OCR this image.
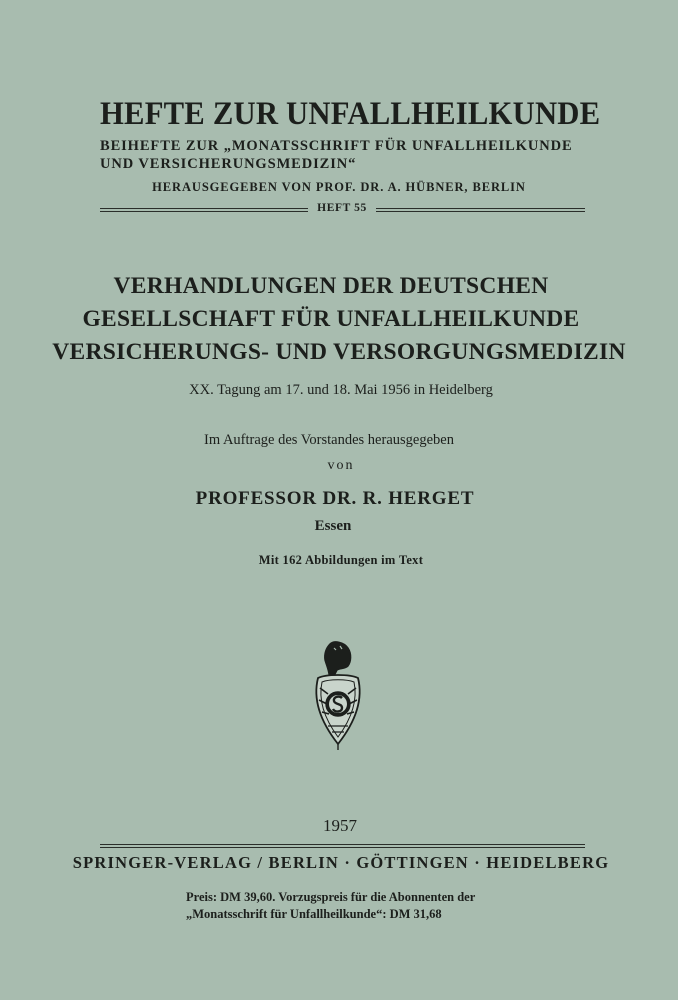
HEFTE ZUR UNFALLHEILKUNDE
BEIHEFTE ZUR „MONATSSCHRIFT FÜR UNFALLHEILKUNDE
UND VERSICHERUNGSMEDIZIN“
HERAUSGEGEBEN VON PROF. DR. A. HÜBNER, BERLIN
HEFT 55
VERHANDLUNGEN DER DEUTSCHEN
GESELLSCHAFT FÜR UNFALLHEILKUNDE
VERSICHERUNGS- UND VERSORGUNGSMEDIZIN
XX. Tagung am 17. und 18. Mai 1956 in Heidelberg
Im Auftrage des Vorstandes herausgegeben
von
PROFESSOR DR. R. HERGET
Essen
Mit 162 Abbildungen im Text
1957
SPRINGER-VERLAG / BERLIN · GÖTTINGEN · HEIDELBERG
Preis: DM 39,60. Vorzugspreis für die Abonnenten der
„Monatsschrift für Unfallheilkunde“: DM 31,68
